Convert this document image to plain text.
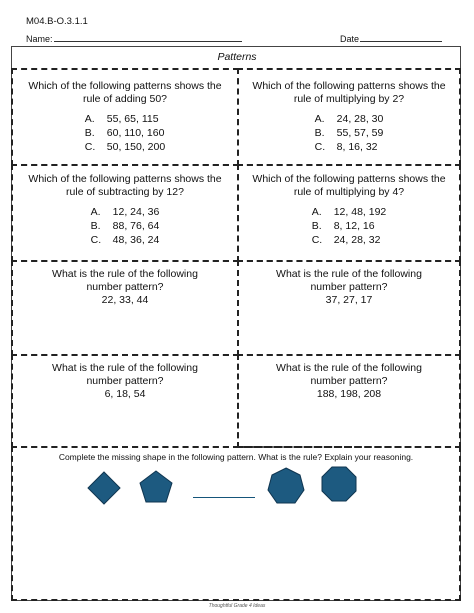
M04.B-O.3.1.1
Name:	Date
Patterns
Which of the following patterns shows the rule of adding 50?
A. 55, 65, 115
B. 60, 110, 160
C. 50, 150, 200
Which of the following patterns shows the rule of multiplying by 2?
A. 24, 28, 30
B. 55, 57, 59
C. 8, 16, 32
Which of the following patterns shows the rule of subtracting by 12?
A. 12, 24, 36
B. 88, 76, 64
C. 48, 36, 24
Which of the following patterns shows the rule of multiplying by 4?
A. 12, 48, 192
B. 8, 12, 16
C. 24, 28, 32
What is the rule of the following number pattern?
22, 33, 44
What is the rule of the following number pattern?
37, 27, 17
What is the rule of the following number pattern?
6, 18, 54
What is the rule of the following number pattern?
188, 198, 208
Complete the missing shape in the following pattern. What is the rule? Explain your reasoning.
Thoughtful Grade 4 Ideas
